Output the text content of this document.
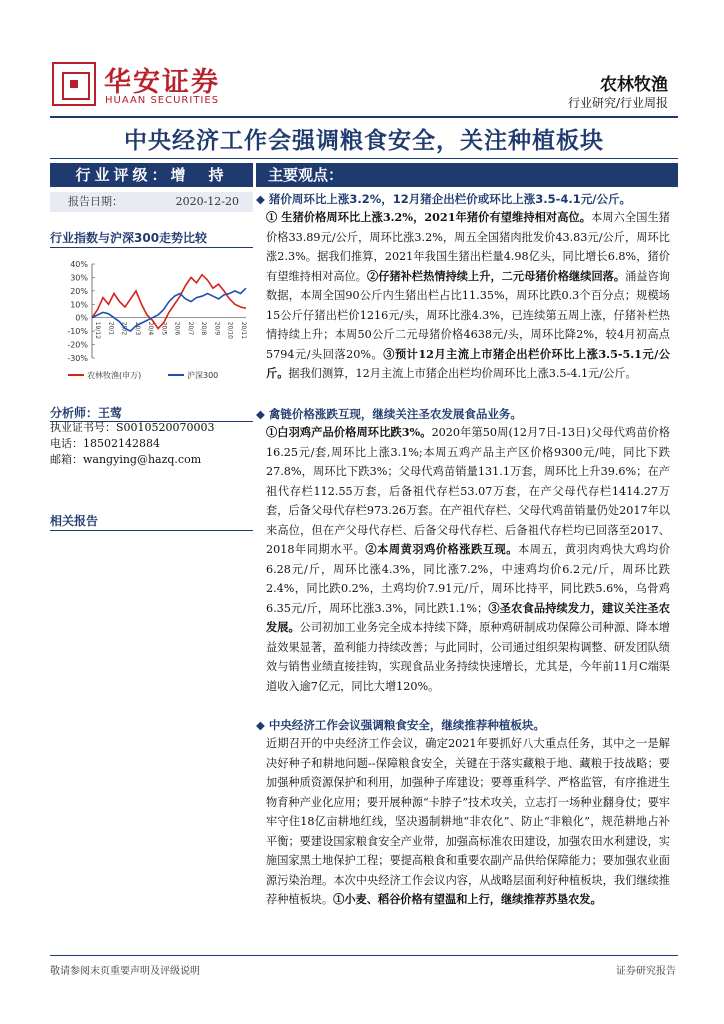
华安证券
HUAAN SECURITIES
农林牧渔
行业研究/行业周报
中央经济工作会强调粮食安全，关注种植板块
行业评级：增　持
报告日期：	2020-12-20
行业指数与沪深300走势比较
40%
30%
20%
10%
0%
-10%
-20%
-30%
19/12 20/1 20/2 20/3 20/4 20/5 20/6 20/7 20/8 20/9 20/10 20/11
农林牧渔(申万)	沪深300
分析师：王莺
执业证书号：S0010520070003
电话：18502142884
邮箱：wangying@hazq.com
相关报告
主要观点：
◆ 猪价周环比上涨3.2%，12月猪企出栏价或环比上涨3.5-4.1元/公斤。
① 生猪价格周环比上涨3.2%，2021年猪价有望维持相对高位。本周六全国生猪价格33.89元/公斤，周环比涨3.2%，周五全国猪肉批发价43.83元/公斤，周环比涨2.3%。据我们推算，2021年我国生猪出栏量4.98亿头，同比增长6.8%，猪价有望维持相对高位。②仔猪补栏热情持续上升，二元母猪价格继续回落。涌益咨询数据，本周全国90公斤内生猪出栏占比11.35%，周环比跌0.3个百分点；规模场15公斤仔猪出栏价1216元/头，周环比涨4.3%，已连续第五周上涨，仔猪补栏热情持续上升；本周50公斤二元母猪价格4638元/头，周环比降2%，较4月初高点5794元/头回落20%。③预计12月主流上市猪企出栏价环比上涨3.5-5.1元/公斤。据我们测算，12月主流上市猪企出栏均价周环比上涨3.5-4.1元/公斤。
◆ 禽链价格涨跌互现，继续关注圣农发展食品业务。
①白羽鸡产品价格周环比跌3%。2020年第50周(12月7日-13日)父母代鸡苗价格16.25元/套,周环比上涨3.1%;本周五鸡产品主产区价格9300元/吨，同比下跌27.8%，周环比下跌3%；父母代鸡苗销量131.1万套，周环比上升39.6%；在产祖代存栏112.55万套，后备祖代存栏53.07万套，在产父母代存栏1414.27万套，后备父母代存栏973.26万套。在产祖代存栏、父母代鸡苗销量仍处2017年以来高位，但在产父母代存栏、后备父母代存栏、后备祖代存栏均已回落至2017、2018年同期水平。②本周黄羽鸡价格涨跌互现。本周五，黄羽肉鸡快大鸡均价6.28元/斤，周环比涨4.3%，同比涨7.2%，中速鸡均价6.2元/斤，周环比跌2.4%，同比跌0.2%，土鸡均价7.91元/斤，周环比持平，同比跌5.6%，乌骨鸡6.35元/斤，周环比涨3.3%，同比跌1.1%；③圣农食品持续发力，建议关注圣农发展。公司初加工业务完全成本持续下降，原种鸡研制成功保障公司种源、降本增益效果显著，盈利能力持续改善；与此同时，公司通过组织架构调整、研发团队绩效与销售业绩直接挂钩，实现食品业务持续快速增长，尤其是，今年前11月C端渠道收入逾7亿元，同比大增120%。
◆ 中央经济工作会议强调粮食安全，继续推荐种植板块。
近期召开的中央经济工作会议，确定2021年要抓好八大重点任务，其中之一是解决好种子和耕地问题--保障粮食安全，关键在于落实藏粮于地、藏粮于技战略；要加强种质资源保护和利用，加强种子库建设；要尊重科学、严格监管，有序推进生物育种产业化应用；要开展种源“卡脖子”技术攻关，立志打一场种业翻身仗；要牢牢守住18亿亩耕地红线，坚决遏制耕地“非农化”、防止“非粮化”，规范耕地占补平衡；要建设国家粮食安全产业带，加强高标准农田建设，加强农田水利建设，实施国家黑土地保护工程；要提高粮食和重要农副产品供给保障能力；要加强农业面源污染治理。本次中央经济工作会议内容，从战略层面利好种植板块，我们继续推荐种植板块。①小麦、稻谷价格有望温和上行，继续推荐苏垦农发。
敬请参阅末页重要声明及评级说明	证券研究报告
